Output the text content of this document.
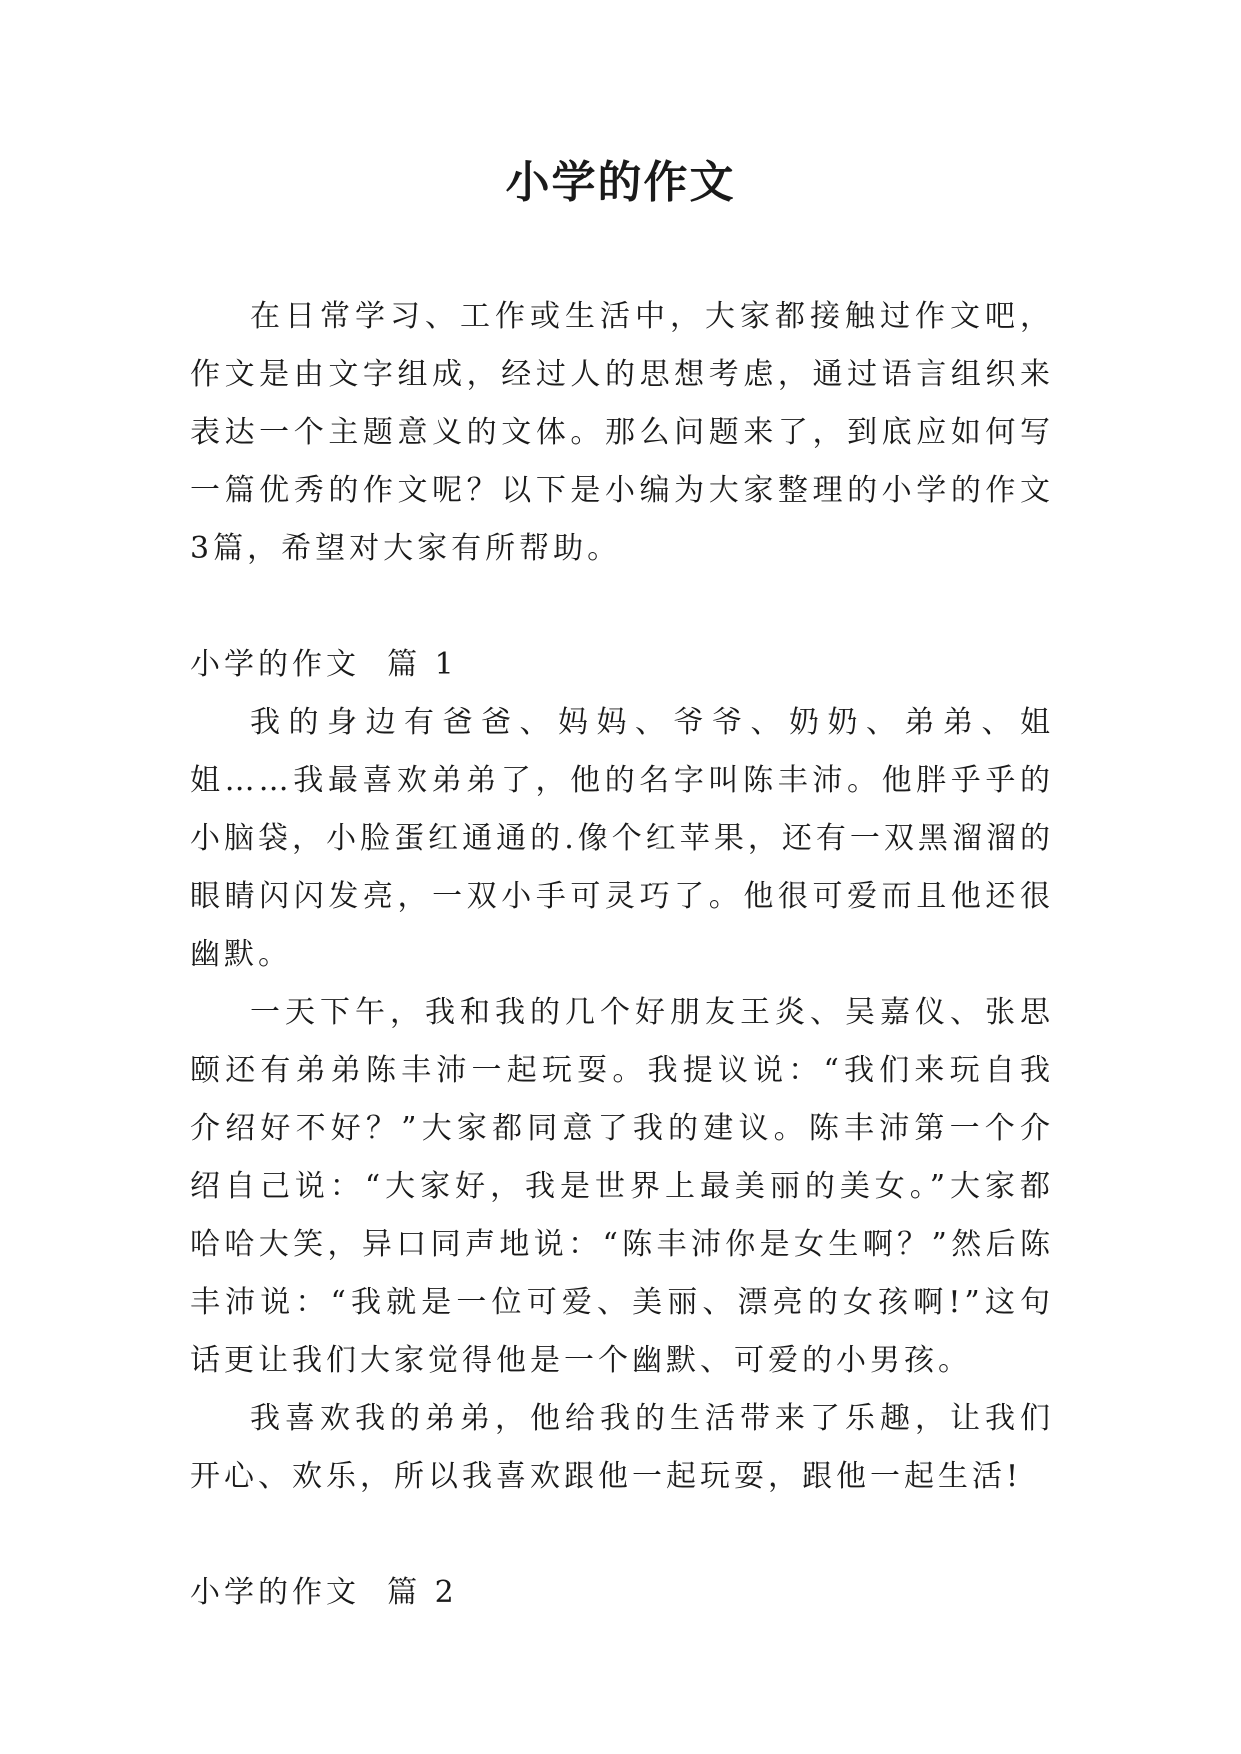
小学的作文

在日常学习、工作或生活中，大家都接触过作文吧，作文是由文字组成，经过人的思想考虑，通过语言组织来表达一个主题意义的文体。那么问题来了，到底应如何写一篇优秀的作文呢？以下是小编为大家整理的小学的作文3篇，希望对大家有所帮助。

小学的作文  篇 1

我的身边有爸爸、妈妈、爷爷、奶奶、弟弟、姐姐……我最喜欢弟弟了，他的名字叫陈丰沛。他胖乎乎的小脑袋，小脸蛋红通通的.像个红苹果，还有一双黑溜溜的眼睛闪闪发亮，一双小手可灵巧了。他很可爱而且他还很幽默。

一天下午，我和我的几个好朋友王炎、吴嘉仪、张思颐还有弟弟陈丰沛一起玩耍。我提议说：“我们来玩自我介绍好不好？”大家都同意了我的建议。陈丰沛第一个介绍自己说：“大家好，我是世界上最美丽的美女。”大家都哈哈大笑，异口同声地说：“陈丰沛你是女生啊？”然后陈丰沛说：“我就是一位可爱、美丽、漂亮的女孩啊!”这句话更让我们大家觉得他是一个幽默、可爱的小男孩。

我喜欢我的弟弟，他给我的生活带来了乐趣，让我们开心、欢乐，所以我喜欢跟他一起玩耍，跟他一起生活!

小学的作文  篇 2
